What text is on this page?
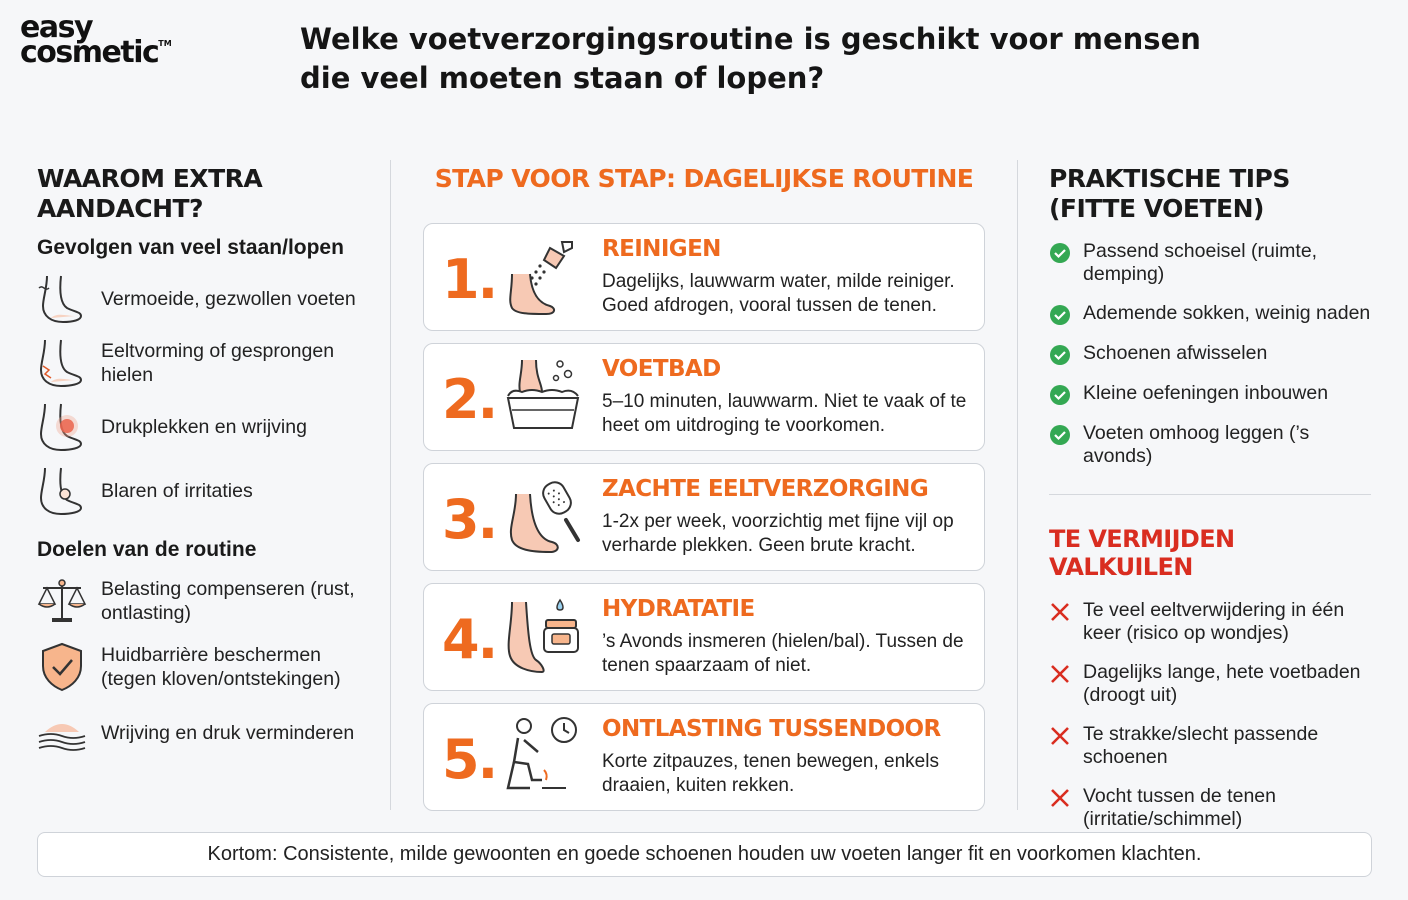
easy
cosmetic™	Welke voetverzorgingsroutine is geschikt voor mensen die veel moeten staan of lopen?
WAAROM EXTRA AANDACHT?
Gevolgen van veel staan/lopen
Vermoeide, gezwollen voeten
Eeltvorming of gesprongen hielen
Drukplekken en wrijving
Blaren of irritaties
Doelen van de routine
Belasting compenseren (rust, ontlasting)
Huidbarrière beschermen (tegen kloven/ontstekingen)
Wrijving en druk verminderen
STAP VOOR STAP: DAGELIJKSE ROUTINE
1.	REINIGEN
Dagelijks, lauwwarm water, milde reiniger. Goed afdrogen, vooral tussen de tenen.
2.	VOETBAD
5–10 minuten, lauwwarm. Niet te vaak of te heet om uitdroging te voorkomen.
3.	ZACHTE EELTVERZORGING
1-2x per week, voorzichtig met fijne vijl op verharde plekken. Geen brute kracht.
4.	HYDRATATIE
’s Avonds insmeren (hielen/bal). Tussen de tenen spaarzaam of niet.
5.	ONTLASTING TUSSENDOOR
Korte zitpauzes, tenen bewegen, enkels draaien, kuiten rekken.
PRAKTISCHE TIPS (FITTE VOETEN)
Passend schoeisel (ruimte, demping)
Ademende sokken, weinig naden
Schoenen afwisselen
Kleine oefeningen inbouwen
Voeten omhoog leggen (’s avonds)
TE VERMIJDEN VALKUILEN
Te veel eeltverwijdering in één keer (risico op wondjes)
Dagelijks lange, hete voetbaden (droogt uit)
Te strakke/slecht passende schoenen
Vocht tussen de tenen (irritatie/schimmel)
Kortom: Consistente, milde gewoonten en goede schoenen houden uw voeten langer fit en voorkomen klachten.
